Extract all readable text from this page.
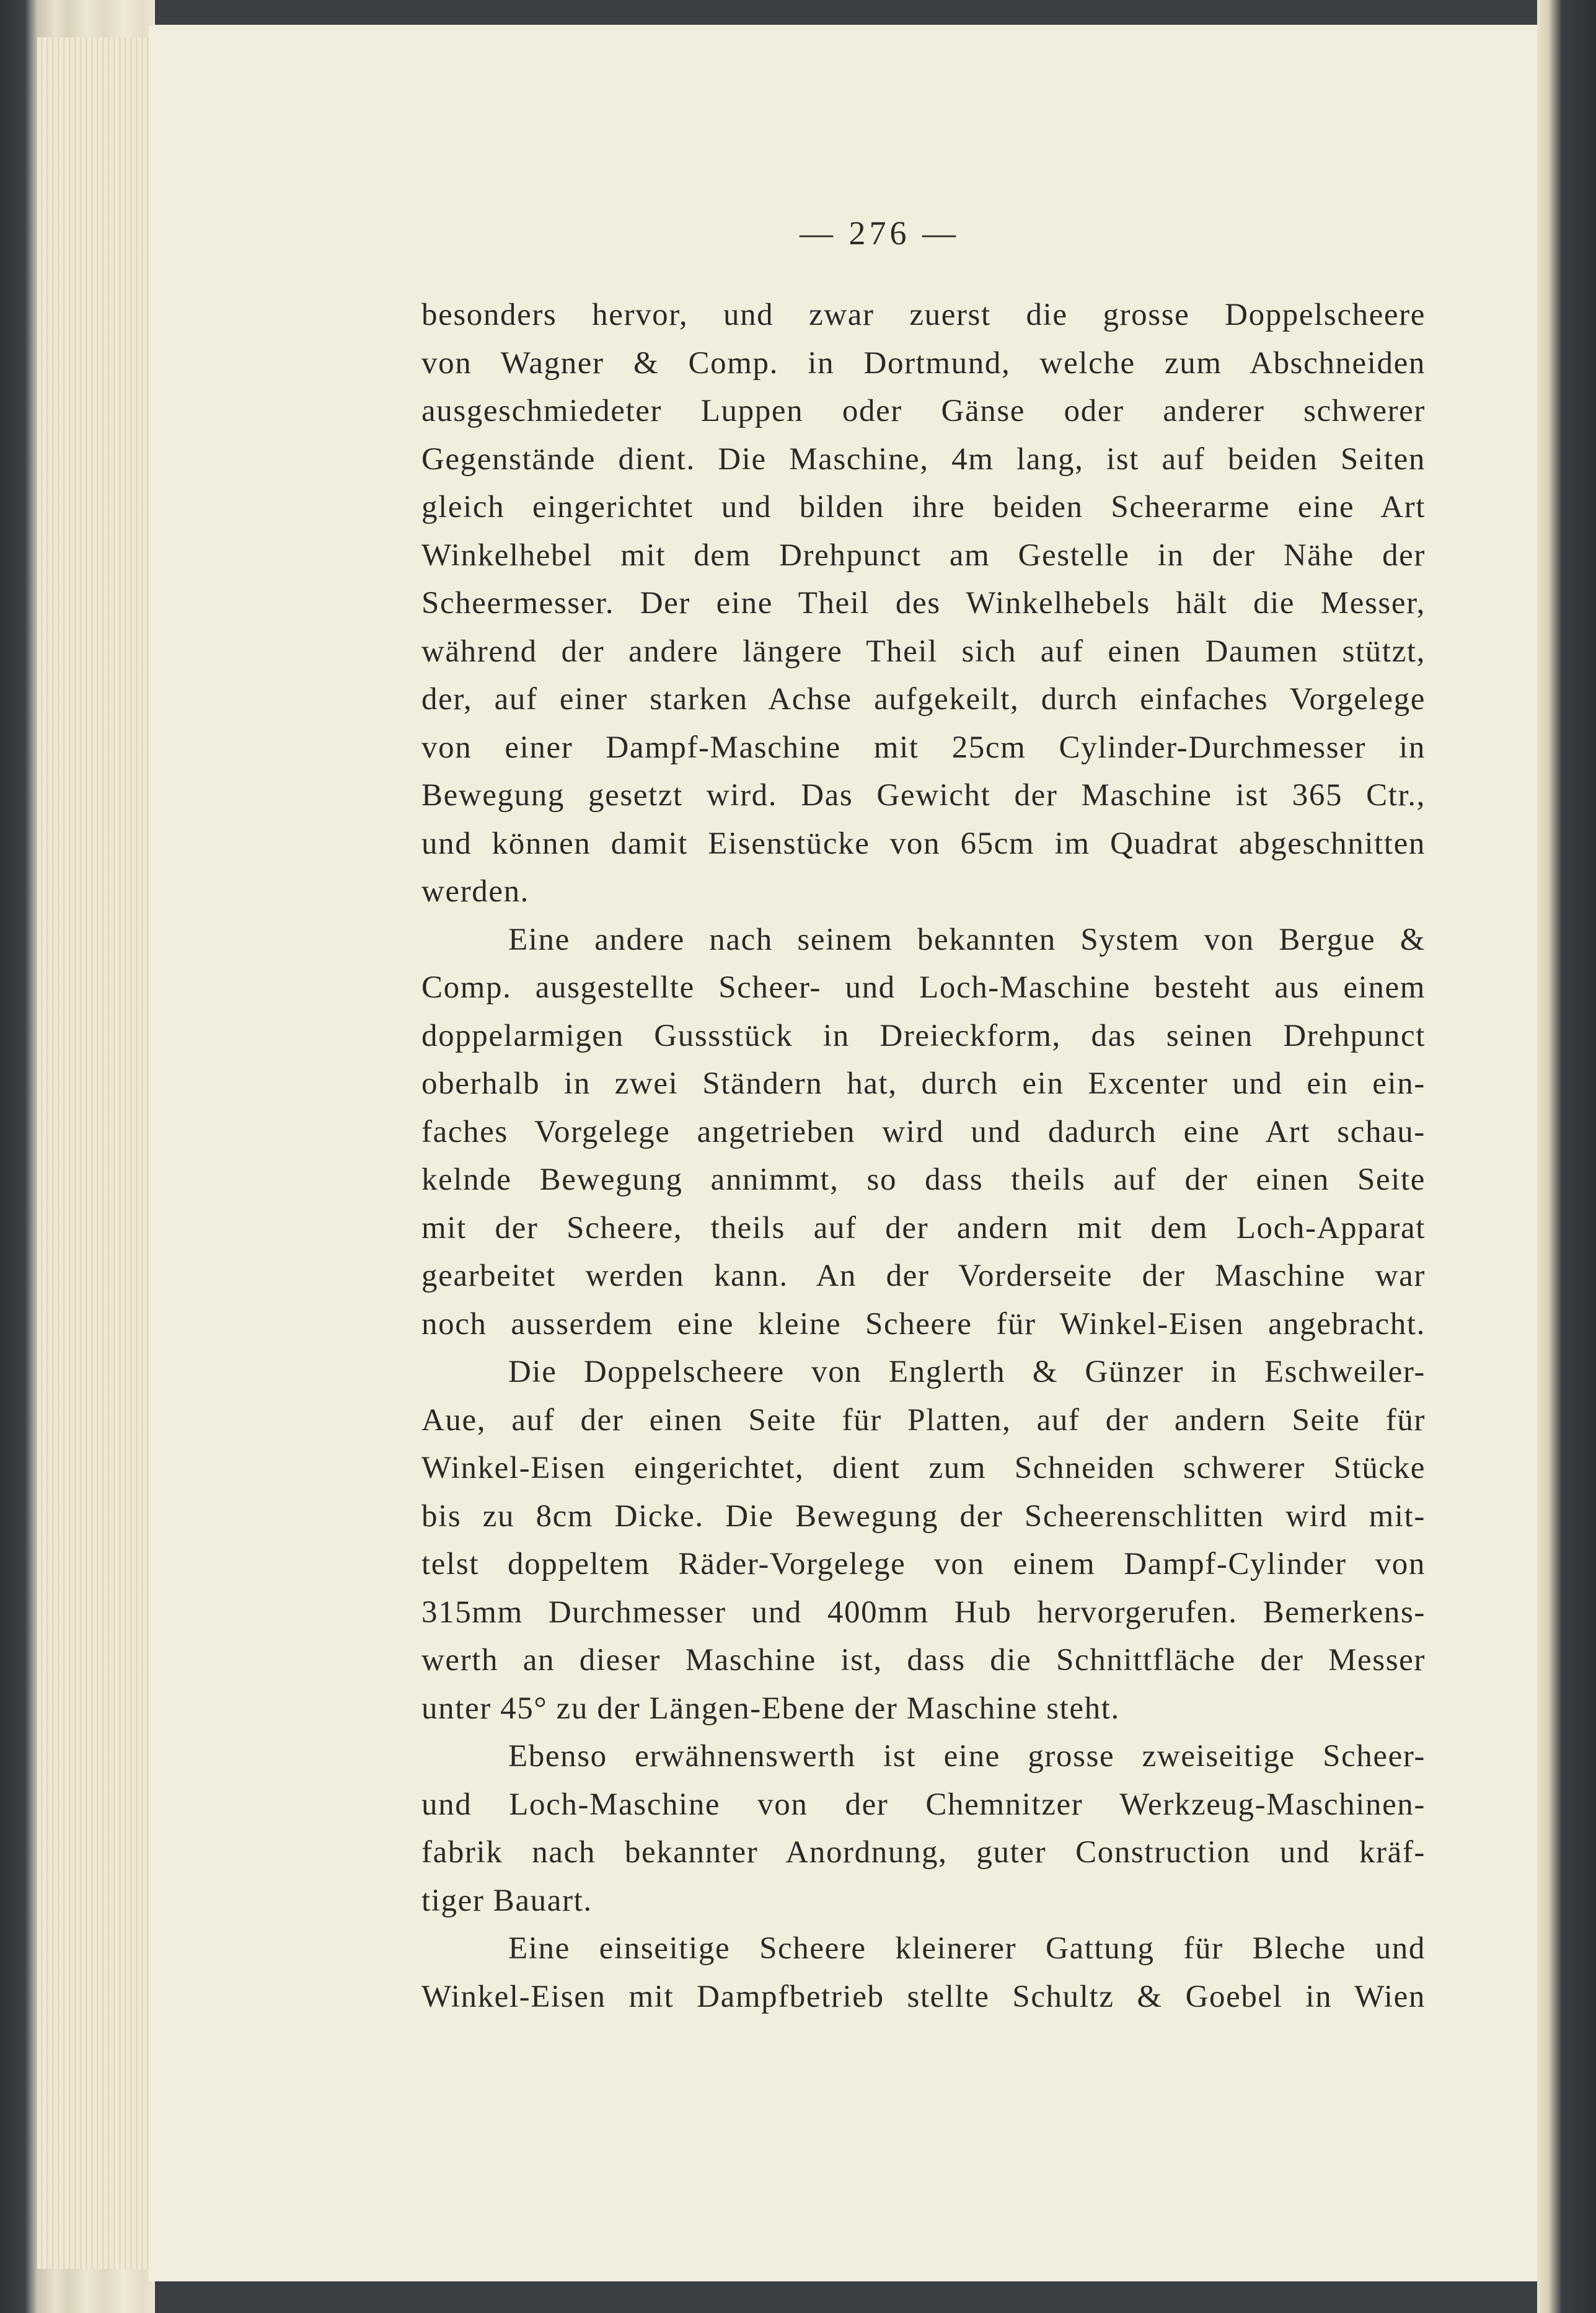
— 276 —
besonders hervor, und zwar zuerst die grosse Doppelscheere
von Wagner & Comp. in Dortmund, welche zum Abschneiden
ausgeschmiedeter Luppen oder Gänse oder anderer schwerer
Gegenstände dient. Die Maschine, 4m lang, ist auf beiden Seiten
gleich eingerichtet und bilden ihre beiden Scheerarme eine Art
Winkelhebel mit dem Drehpunct am Gestelle in der Nähe der
Scheermesser. Der eine Theil des Winkelhebels hält die Messer,
während der andere längere Theil sich auf einen Daumen stützt,
der, auf einer starken Achse aufgekeilt, durch einfaches Vorgelege
von einer Dampf-Maschine mit 25cm Cylinder-Durchmesser in
Bewegung gesetzt wird. Das Gewicht der Maschine ist 365 Ctr.,
und können damit Eisenstücke von 65cm im Quadrat abgeschnitten
werden.
Eine andere nach seinem bekannten System von Bergue &
Comp. ausgestellte Scheer- und Loch-Maschine besteht aus einem
doppelarmigen Gussstück in Dreieckform, das seinen Drehpunct
oberhalb in zwei Ständern hat, durch ein Excenter und ein ein-
faches Vorgelege angetrieben wird und dadurch eine Art schau-
kelnde Bewegung annimmt, so dass theils auf der einen Seite
mit der Scheere, theils auf der andern mit dem Loch-Apparat
gearbeitet werden kann. An der Vorderseite der Maschine war
noch ausserdem eine kleine Scheere für Winkel-Eisen angebracht.
Die Doppelscheere von Englerth & Günzer in Eschweiler-
Aue, auf der einen Seite für Platten, auf der andern Seite für
Winkel-Eisen eingerichtet, dient zum Schneiden schwerer Stücke
bis zu 8cm Dicke. Die Bewegung der Scheerenschlitten wird mit-
telst doppeltem Räder-Vorgelege von einem Dampf-Cylinder von
315mm Durchmesser und 400mm Hub hervorgerufen. Bemerkens-
werth an dieser Maschine ist, dass die Schnittfläche der Messer
unter 45° zu der Längen-Ebene der Maschine steht.
Ebenso erwähnenswerth ist eine grosse zweiseitige Scheer-
und Loch-Maschine von der Chemnitzer Werkzeug-Maschinen-
fabrik nach bekannter Anordnung, guter Construction und kräf-
tiger Bauart.
Eine einseitige Scheere kleinerer Gattung für Bleche und
Winkel-Eisen mit Dampfbetrieb stellte Schultz & Goebel in Wien
